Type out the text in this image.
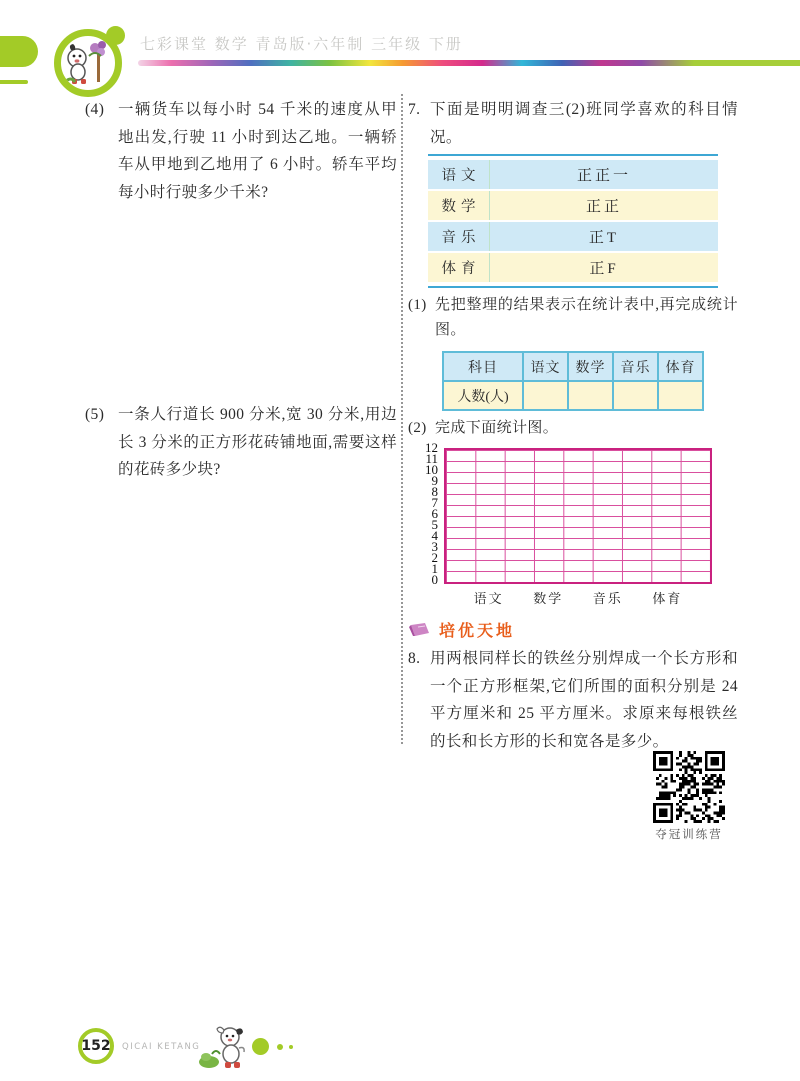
七彩课堂 数学 青岛版·六年制 三年级 下册
(4) 一辆货车以每小时 54 千米的速度从甲地出发,行驶 11 小时到达乙地。一辆轿车从甲地到乙地用了 6 小时。轿车平均每小时行驶多少千米?
(5) 一条人行道长 900 分米,宽 30 分米,用边长 3 分米的正方形花砖铺地面,需要这样的花砖多少块?
7. 下面是明明调查三(2)班同学喜欢的科目情况。
语文	正正一
数学	正正
音乐	正T
体育	正F
(1) 先把整理的结果表示在统计表中,再完成统计图。
科目	语文	数学	音乐	体育
人数(人)				
(2) 完成下面统计图。
12
11
10
9
8
7
6
5
4
3
2
1
0
语文 数学 音乐 体育
培优天地
8. 用两根同样长的铁丝分别焊成一个长方形和一个正方形框架,它们所围的面积分别是 24 平方厘米和 25 平方厘米。求原来每根铁丝的长和长方形的长和宽各是多少。
夺冠训练营
152 QICAI KETANG
